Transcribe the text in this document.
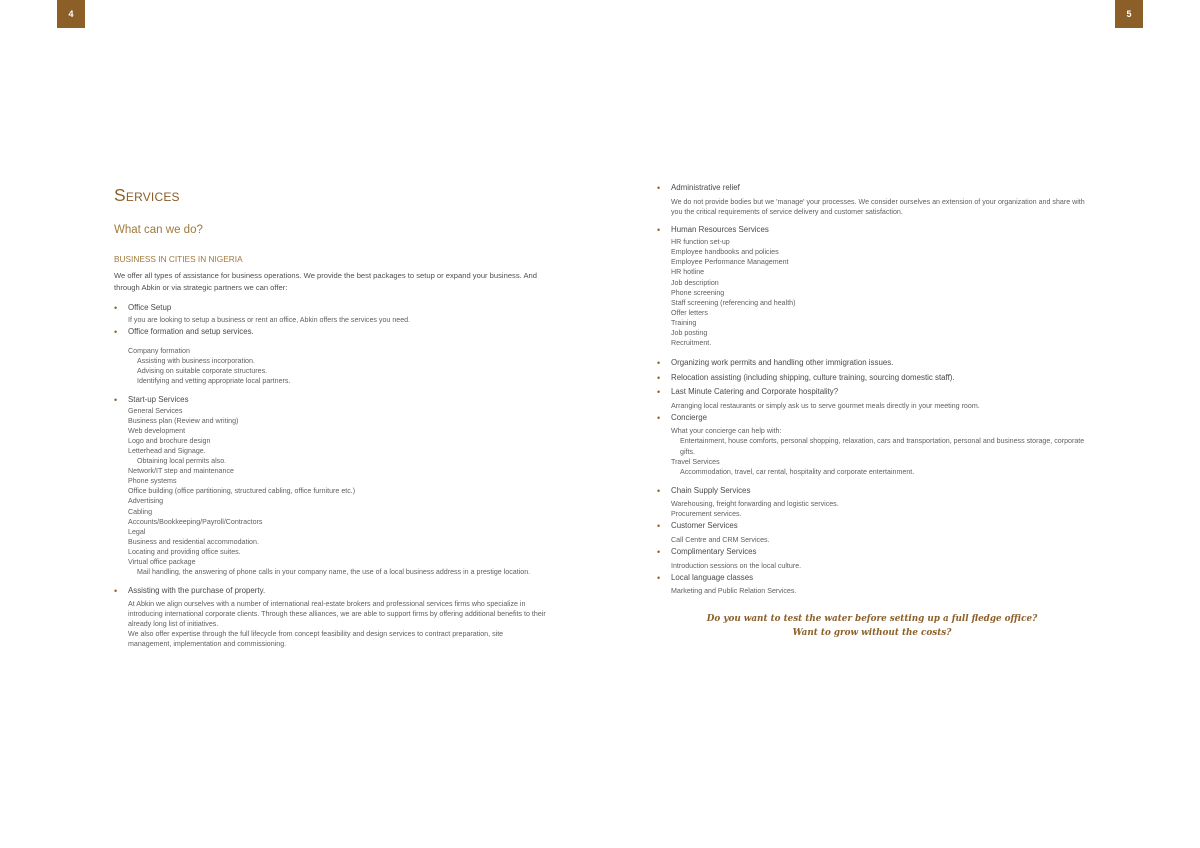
4	5
Services
What can we do?
BUSINESS IN CITIES IN NIGERIA
We offer all types of assistance for business operations. We provide the best packages to setup or expand your business. And through Abkin or via strategic partners we can offer:
• Office Setup
If you are looking to setup a business or rent an office, Abkin offers the services you need.
• Office formation and setup services.
Company formation
Assisting with business incorporation.
Advising on suitable corporate structures.
Identifying and vetting appropriate local partners.
• Start-up Services
General Services
Business plan (Review and writing)
Web development
Logo and brochure design
Letterhead and Signage.
Obtaining local permits also.
Network/IT step and maintenance
Phone systems
Office building (office partitioning, structured cabling, office furniture etc.)
Advertising
Cabling
Accounts/Bookkeeping/Payroll/Contractors
Legal
Business and residential accommodation.
Locating and providing office suites.
Virtual office package
Mail handling, the answering of phone calls in your company name, the use of a local business address in a prestige location.
• Assisting with the purchase of property.
At Abkin we align ourselves with a number of international real-estate brokers and professional services firms who specialize in introducing international corporate clients. Through these alliances, we are able to support firms by offering additional benefits to their already long list of initiatives.
We also offer expertise through the full lifecycle from concept feasibility and design services to contract preparation, site management, implementation and commissioning.
• Administrative relief
We do not provide bodies but we 'manage' your processes. We consider ourselves an extension of your organization and share with you the critical requirements of service delivery and customer satisfaction.
• Human Resources Services
HR function set-up
Employee handbooks and policies
Employee Performance Management
HR hotline
Job description
Phone screening
Staff screening (referencing and health)
Offer letters
Training
Job posting
Recruitment.
• Organizing work permits and handling other immigration issues.
• Relocation assisting (including shipping, culture training, sourcing domestic staff).
• Last Minute Catering and Corporate hospitality?
Arranging local restaurants or simply ask us to serve gourmet meals directly in your meeting room.
• Concierge
What your concierge can help with:
Entertainment, house comforts, personal shopping, relaxation, cars and transportation, personal and business storage, corporate gifts.
Travel Services
Accommodation, travel, car rental, hospitality and corporate entertainment.
• Chain Supply Services
Warehousing, freight forwarding and logistic services.
Procurement services.
• Customer Services
Call Centre and CRM Services.
• Complimentary Services
Introduction sessions on the local culture.
• Local language classes
Marketing and Public Relation Services.
Do you want to test the water before setting up a full fledge office?
Want to grow without the costs?
